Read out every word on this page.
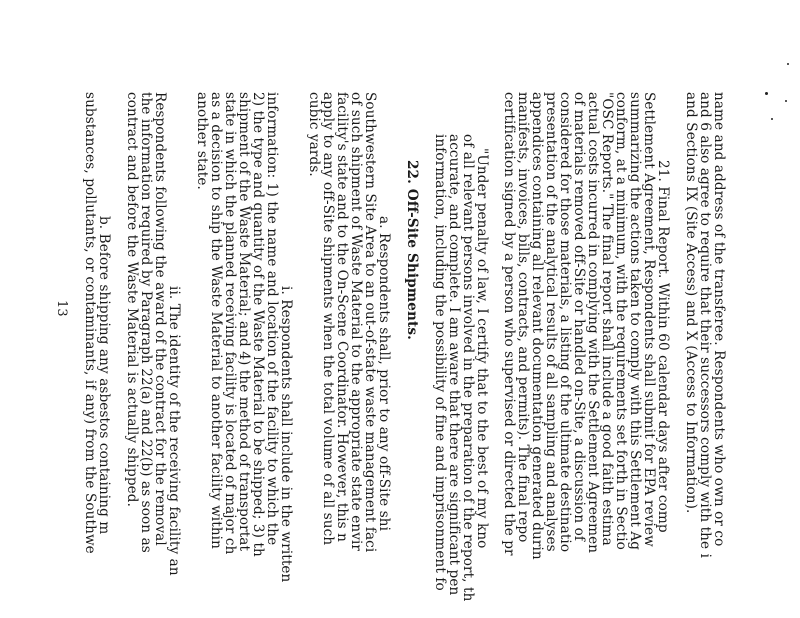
name and address of the transferee. Respondents who own or co
and 6 also agree to require that their successors comply with the i
and Sections IX (Site Access) and X (Access to Information).
21. Final Report. Within 60 calendar days after comp
Settlement Agreement, Respondents shall submit for EPA review
summarizing the actions taken to comply with this Settlement Ag
conform, at a minimum, with the requirements set forth in Sectio
"OSC Reports." The final report shall include a good faith estima
actual costs incurred in complying with the Settlement Agreemen
of materials removed off-Site or handled on-Site, a discussion of
considered for those materials, a listing of the ultimate destinatio
presentation of the analytical results of all sampling and analyses
appendices containing all relevant documentation generated durin
manifests, invoices, bills, contracts, and permits). The final repo
certification signed by a person who supervised or directed the pr
"Under penalty of law, I certify that to the best of my kno
of all relevant persons involved in the preparation of the report, th
accurate, and complete. I am aware that there are significant pen
information, including the possibility of fine and imprisonment fo
22. Off-Site Shipments.
a. Respondents shall, prior to any off-Site shi
Southwestern Site Area to an out-of-state waste management faci
of such shipment of Waste Material to the appropriate state envir
facility's state and to the On-Scene Coordinator. However, this n
apply to any off-Site shipments when the total volume of all such
cubic yards.
i. Respondents shall include in the written
information: 1) the name and location of the facility to which the
2) the type and quantity of the Waste Material to be shipped; 3) th
shipment of the Waste Material; and 4) the method of transportat
state in which the planned receiving facility is located of major ch
as a decision to ship the Waste Material to another facility within
another state.
ii. The identity of the receiving facility an
Respondents following the award of the contract for the removal
the information required by Paragraph 22(a) and 22(b) as soon as
contract and before the Waste Material is actually shipped.
b. Before shipping any asbestos containing m
substances, pollutants, or contaminants, if any) from the Southwe
13
